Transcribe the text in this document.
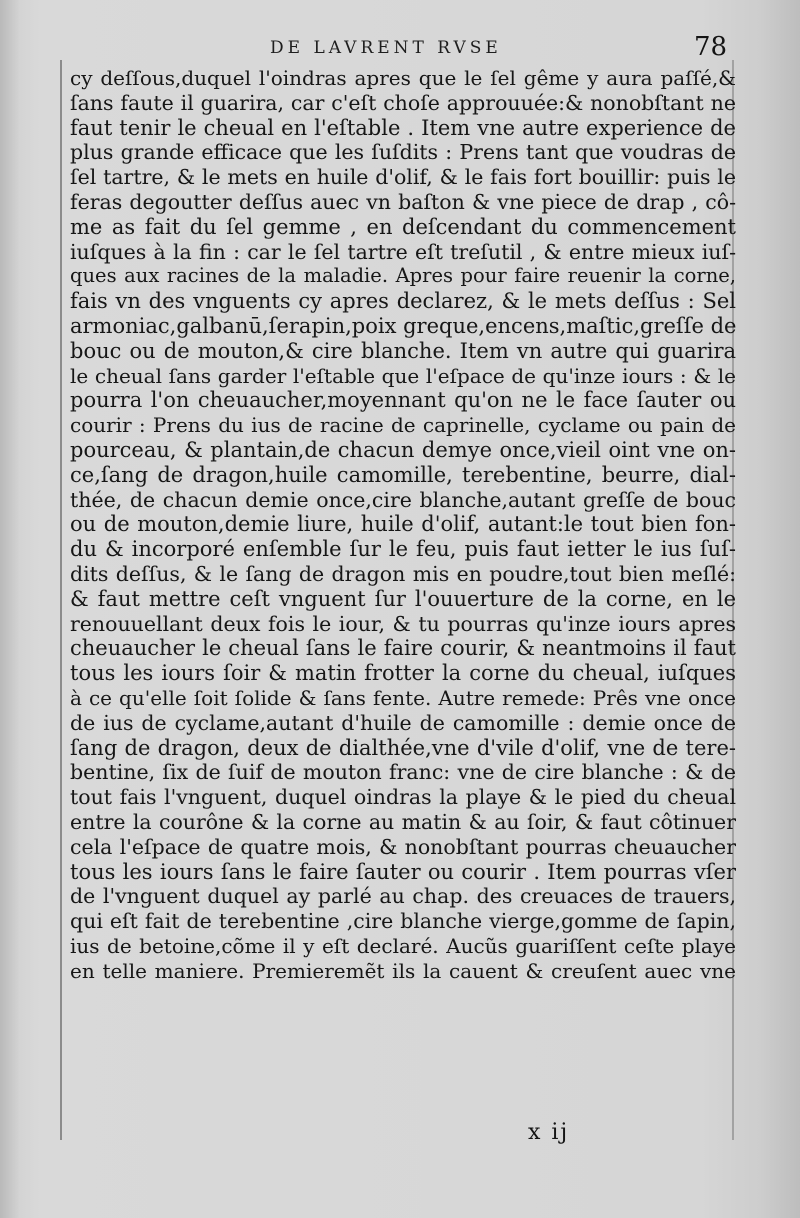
DE LAVRENT RVSE	78
cy deſſous,duquel l'oindras apres que le ſel gême y aura paſſé,&
ſans faute il guarira, car c'eſt choſe approuuée:& nonobſtant ne
faut tenir le cheual en l'eſtable . Item vne autre experience de
plus grande efficace que les ſuſdits : Prens tant que voudras de
ſel tartre, & le mets en huile d'olif, & le fais fort bouillir: puis le
feras degoutter deſſus auec vn baſton & vne piece de drap , cô-
me as fait du ſel gemme , en deſcendant du commencement
iuſques à la fin : car le ſel tartre eſt treſutil , & entre mieux iuſ-
ques aux racines de la maladie. Apres pour faire reuenir la corne,
fais vn des vnguents cy apres declarez, & le mets deſſus : Sel
armoniac,galbanū,ſerapin,poix greque,encens,maſtic,greſſe de
bouc ou de mouton,& cire blanche. Item vn autre qui guarira
le cheual ſans garder l'eſtable que l'eſpace de qu'inze iours : & le
pourra l'on cheuaucher,moyennant qu'on ne le face ſauter ou
courir : Prens du ius de racine de caprinelle, cyclame ou pain de
pourceau, & plantain,de chacun demye once,vieil oint vne on-
ce,ſang de dragon,huile camomille, terebentine, beurre, dial-
thée, de chacun demie once,cire blanche,autant greſſe de bouc
ou de mouton,demie liure, huile d'olif, autant:le tout bien fon-
du & incorporé enſemble ſur le feu, puis faut ietter le ius ſuſ-
dits deſſus, & le ſang de dragon mis en poudre,tout bien meſlé:
& faut mettre ceſt vnguent ſur l'ouuerture de la corne, en le
renouuellant deux fois le iour, & tu pourras qu'inze iours apres
cheuaucher le cheual ſans le faire courir, & neantmoins il faut
tous les iours ſoir & matin frotter la corne du cheual, iuſques
à ce qu'elle ſoit ſolide & ſans fente. Autre remede: Prês vne once
de ius de cyclame,autant d'huile de camomille : demie once de
ſang de dragon, deux de dialthée,vne d'vile d'olif, vne de tere-
bentine, ſix de ſuif de mouton franc: vne de cire blanche : & de
tout fais l'vnguent, duquel oindras la playe & le pied du cheual
entre la courône & la corne au matin & au ſoir, & faut côtinuer
cela l'eſpace de quatre mois, & nonobſtant pourras cheuaucher
tous les iours ſans le faire ſauter ou courir . Item pourras vſer
de l'vnguent duquel ay parlé au chap. des creuaces de trauers,
qui eſt fait de terebentine ,cire blanche vierge,gomme de ſapin,
ius de betoine,cõme il y eſt declaré. Aucũs guariſſent ceſte playe
en telle maniere. Premieremẽt ils la cauent & creuſent auec vne
x ij
